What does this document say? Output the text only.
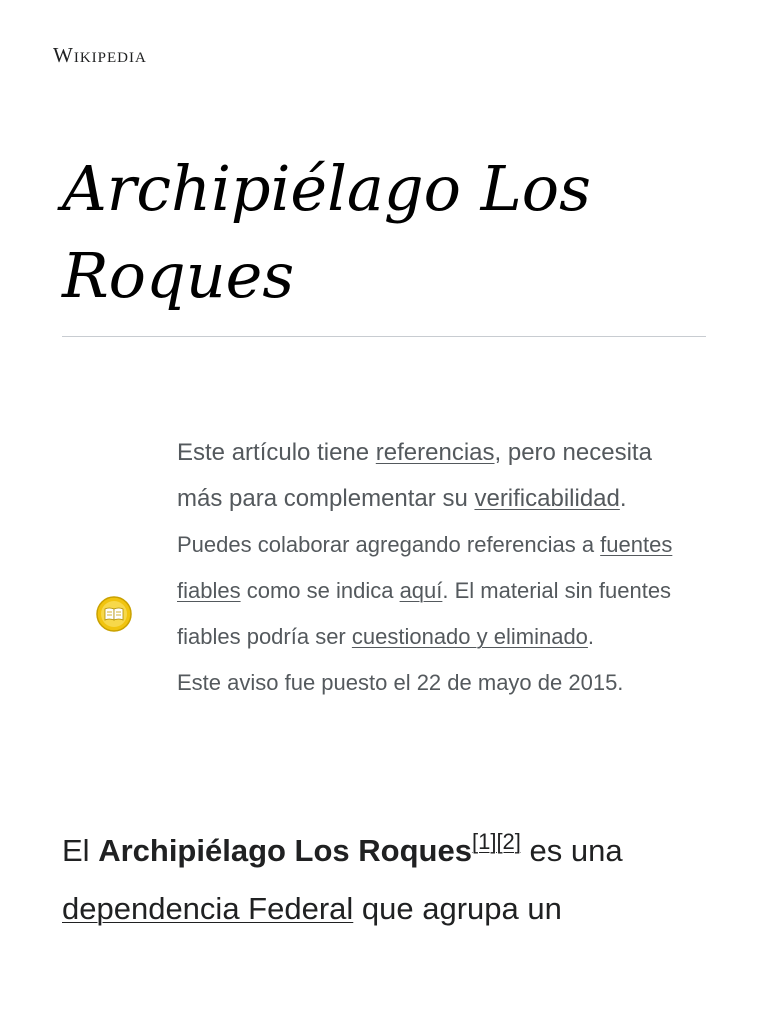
Wikipedia
Archipiélago Los Roques

Este artículo tiene referencias, pero necesita más para complementar su verificabilidad.

Puedes colaborar agregando referencias a fuentes fiables como se indica aquí. El material sin fuentes fiables podría ser cuestionado y eliminado.

Este aviso fue puesto el 22 de mayo de 2015.

El Archipiélago Los Roques[1][2] es una dependencia Federal que agrupa un
